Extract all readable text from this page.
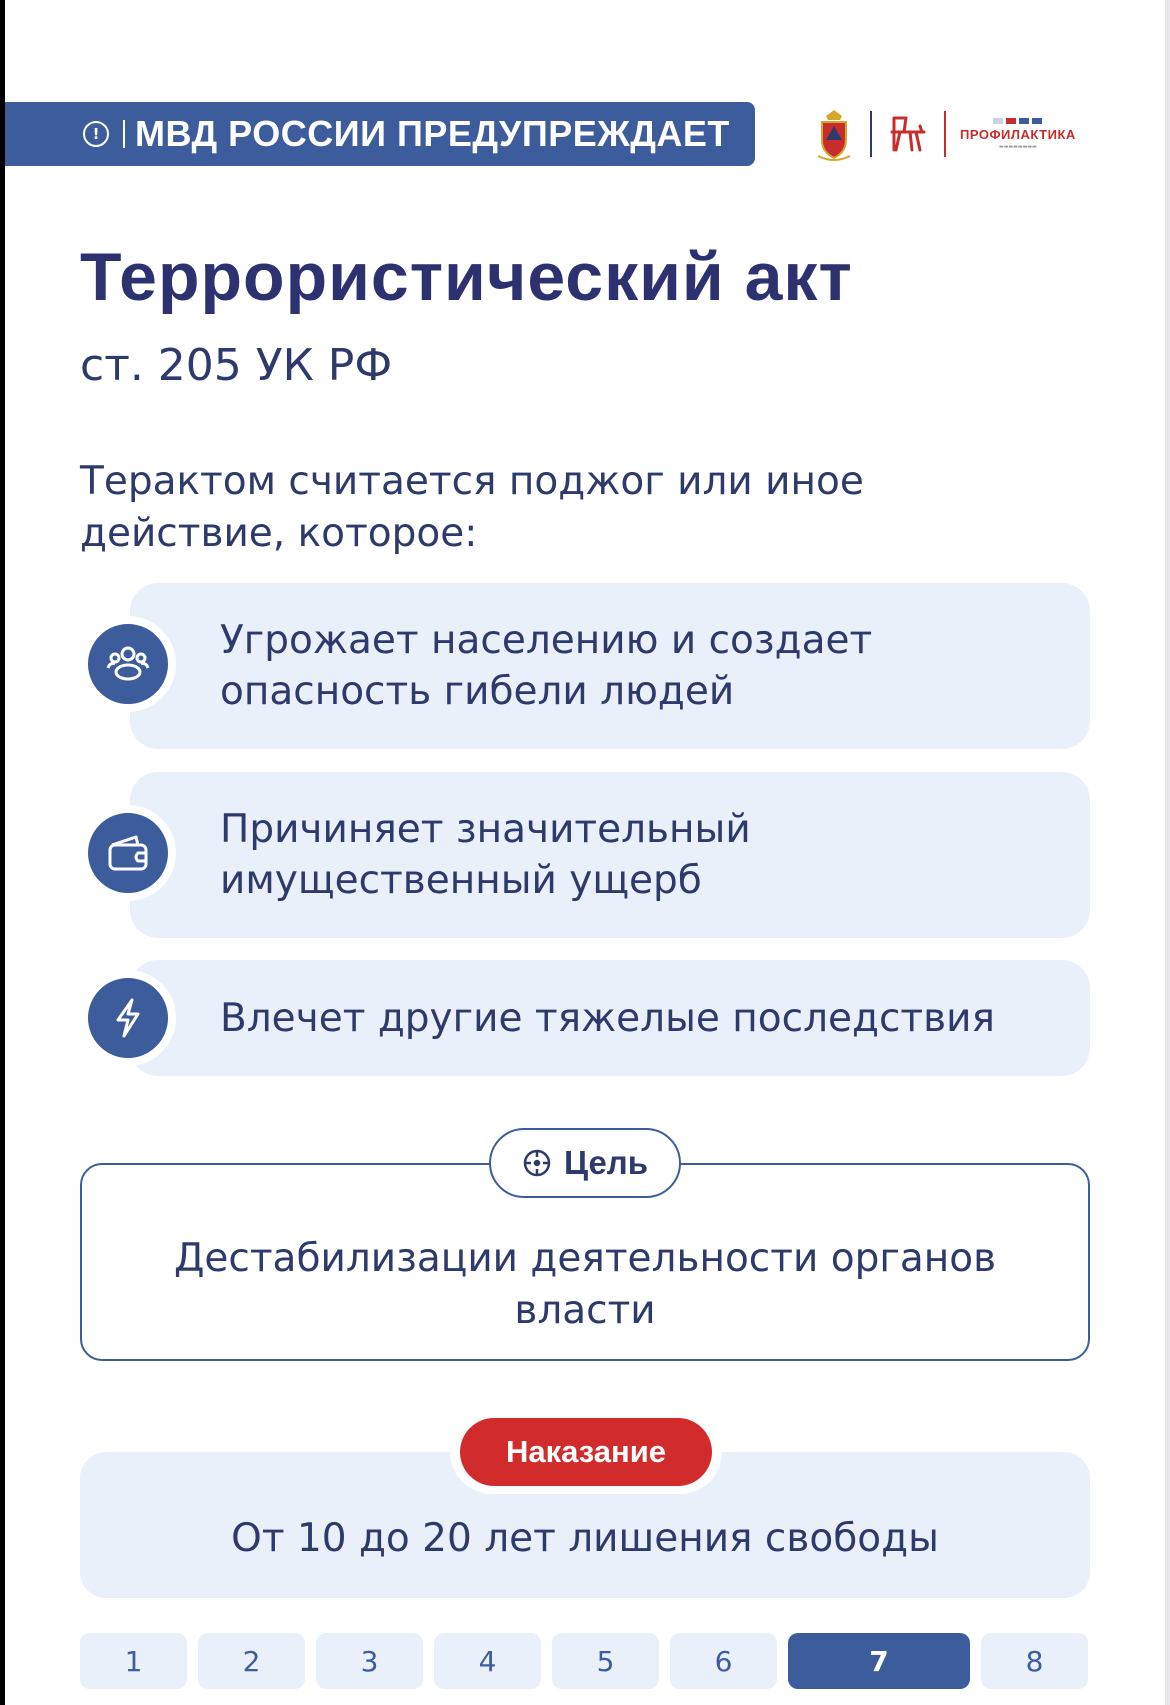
! МВД РОССИИ ПРЕДУПРЕЖДАЕТ	ПРОФИЛАКТИКА
▬▬▬▬▬▬▬▬
Террористический акт
ст. 205 УК РФ
Терактом считается поджог или иное действие, которое:
Угрожает населению и создает опасность гибели людей
Причиняет значительный имущественный ущерб
Влечет другие тяжелые последствия
Дестабилизации деятельности органов власти
Цель
От 10 до 20 лет лишения свободы
Наказание
1	2	3	4	5	6	7	8
